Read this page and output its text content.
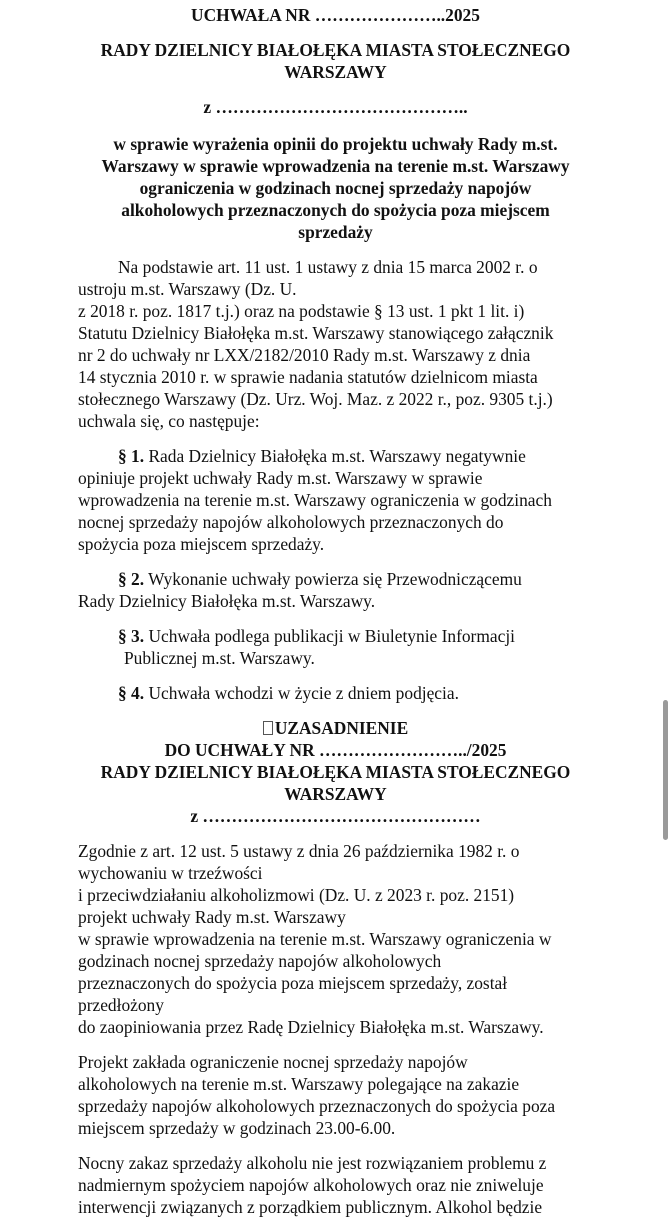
UCHWAŁA NR …………………..2025

RADY DZIELNICY BIAŁOŁĘKA MIASTA STOŁECZNEGO

WARSZAWY

z ……………………………………..

w sprawie wyrażenia opinii do projektu uchwały Rady m.st.

Warszawy w sprawie wprowadzenia na terenie m.st. Warszawy

ograniczenia w godzinach nocnej sprzedaży napojów

alkoholowych przeznaczonych do spożycia poza miejscem

sprzedaży

Na podstawie art. 11 ust. 1 ustawy z dnia 15 marca 2002 r. o

ustroju m.st. Warszawy (Dz. U.

z 2018 r. poz. 1817 t.j.) oraz na podstawie § 13 ust. 1 pkt 1 lit. i)

Statutu Dzielnicy Białołęka m.st. Warszawy stanowiącego załącznik

nr 2 do uchwały nr LXX/2182/2010 Rady m.st. Warszawy z dnia

14 stycznia 2010 r. w sprawie nadania statutów dzielnicom miasta

stołecznego Warszawy (Dz. Urz. Woj. Maz. z 2022 r., poz. 9305 t.j.)

uchwala się, co następuje:

§ 1. Rada Dzielnicy Białołęka m.st. Warszawy negatywnie

opiniuje projekt uchwały Rady m.st. Warszawy w sprawie

wprowadzenia na terenie m.st. Warszawy ograniczenia w godzinach

nocnej sprzedaży napojów alkoholowych przeznaczonych do

spożycia poza miejscem sprzedaży.

§ 2. Wykonanie uchwały powierza się Przewodniczącemu

Rady Dzielnicy Białołęka m.st. Warszawy.

§ 3. Uchwała podlega publikacji w Biuletynie Informacji

Publicznej m.st. Warszawy.

§ 4. Uchwała wchodzi w życie z dniem podjęcia.

UZASADNIENIE

DO UCHWAŁY NR ……………………../2025

RADY DZIELNICY BIAŁOŁĘKA MIASTA STOŁECZNEGO

WARSZAWY

z …………………………………………

Zgodnie z art. 12 ust. 5 ustawy z dnia 26 października 1982 r. o

wychowaniu w trzeźwości

i przeciwdziałaniu alkoholizmowi (Dz. U. z 2023 r. poz. 2151)

projekt uchwały Rady m.st. Warszawy

w sprawie wprowadzenia na terenie m.st. Warszawy ograniczenia w

godzinach nocnej sprzedaży napojów alkoholowych

przeznaczonych do spożycia poza miejscem sprzedaży, został

przedłożony

do zaopiniowania przez Radę Dzielnicy Białołęka m.st. Warszawy.

Projekt zakłada ograniczenie nocnej sprzedaży napojów

alkoholowych na terenie m.st. Warszawy polegające na zakazie

sprzedaży napojów alkoholowych przeznaczonych do spożycia poza

miejscem sprzedaży w godzinach 23.00-6.00.

Nocny zakaz sprzedaży alkoholu nie jest rozwiązaniem problemu z

nadmiernym spożyciem napojów alkoholowych oraz nie zniweluje

interwencji związanych z porządkiem publicznym. Alkohol będzie
